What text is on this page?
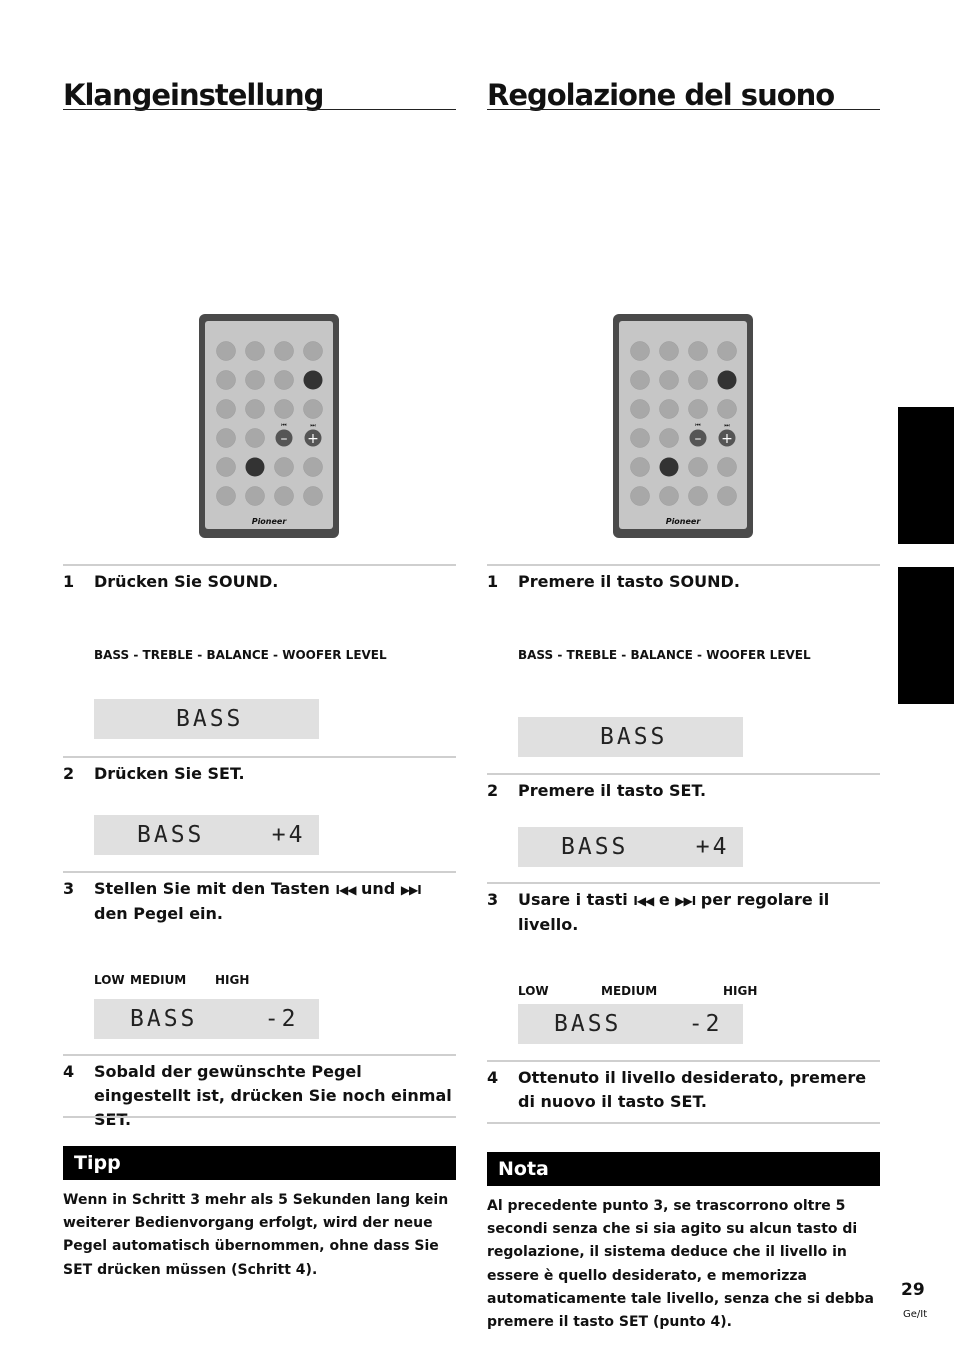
Klangeinstellung
– +
⏮	⏭
Pioneer
1 Drücken Sie SOUND.
BASS - TREBLE - BALANCE - WOOFER LEVEL
BASS
2 Drücken Sie SET.
BASS    +4
3 Stellen Sie mit den Tasten I◀◀ und ▶▶I den Pegel ein.
LOW MEDIUM HIGH
BASS    -2
4 Sobald der gewünschte Pegel eingestellt ist, drücken Sie noch einmal SET.
Tipp

Wenn in Schritt 3 mehr als 5 Sekunden lang kein weiterer Bedienvorgang erfolgt, wird der neue Pegel automatisch übernommen, ohne dass Sie SET drücken müssen (Schritt 4).

Regolazione del suono
– +
⏮	⏭
Pioneer
1 Premere il tasto SOUND.
BASS - TREBLE - BALANCE - WOOFER LEVEL
BASS
2 Premere il tasto SET.
BASS    +4
3 Usare i tasti I◀◀ e ▶▶I per regolare il livello.
LOW	MEDIUM	HIGH
BASS    -2
4 Ottenuto il livello desiderato, premere di nuovo il tasto SET.
Nota

Al precedente punto 3, se trascorrono oltre 5 secondi senza che si sia agito su alcun tasto di regolazione, il sistema deduce che il livello in essere è quello desiderato, e memorizza automaticamente tale livello, senza che si debba premere il tasto SET (punto 4).

29
Ge/It
